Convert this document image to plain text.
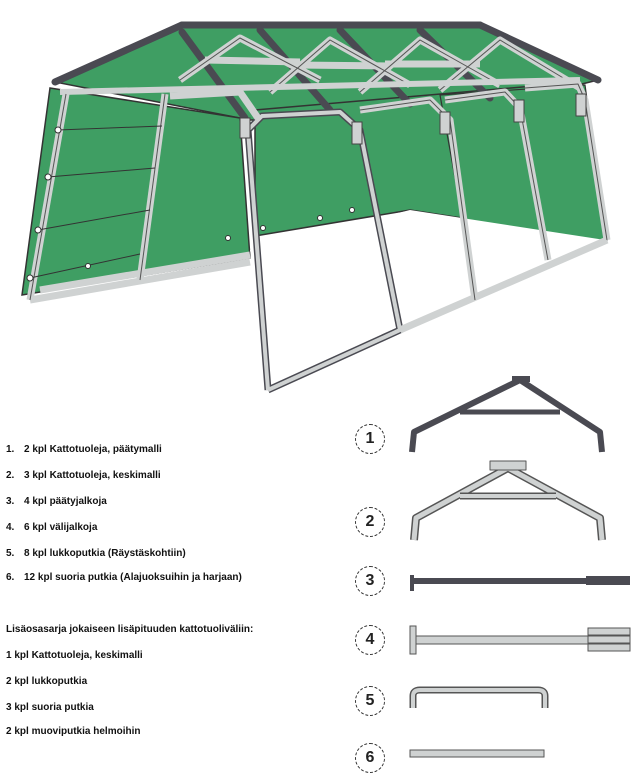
1
2
3
4
5
6
1. 2 kpl Kattotuoleja, päätymalli
2. 3 kpl Kattotuoleja, keskimalli
3. 4 kpl päätyjalkoja
4. 6 kpl välijalkoja
5. 8 kpl lukkoputkia (Räystäskohtiin)
6. 12 kpl suoria putkia (Alajuoksuihin ja harjaan)
Lisäosasarja jokaiseen lisäpituuden kattotuoliväliin:
1 kpl Kattotuoleja, keskimalli
2 kpl lukkoputkia
3 kpl suoria putkia
2 kpl muoviputkia helmoihin
